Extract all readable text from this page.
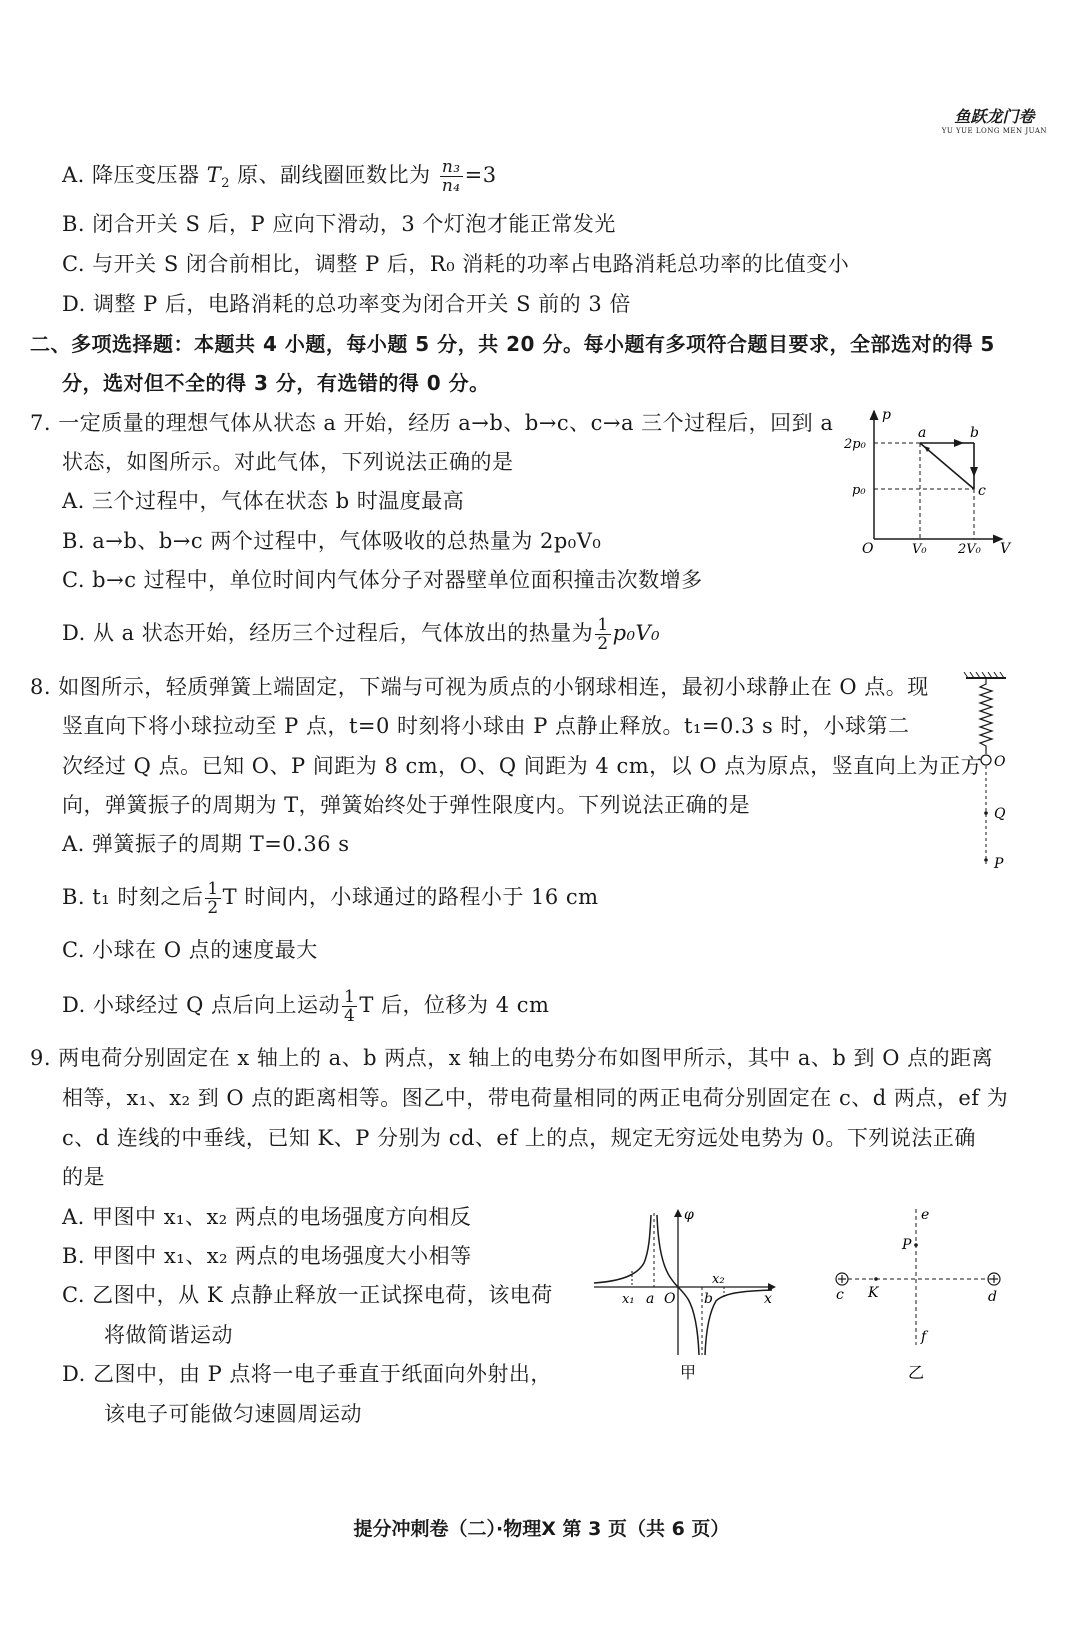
鱼跃龙门卷
YU YUE LONG MEN JUAN
A. 降压变压器 $T_2$ 原、副线圈匝数比为 $\frac{\text{n₃}}{\text{n₄}} =3$
B. 闭合开关 S 后，P 应向下滑动，3 个灯泡才能正常发光
C. 与开关 S 闭合前相比，调整 P 后，R₀ 消耗的功率占电路消耗总功率的比值变小
D. 调整 P 后，电路消耗的总功率变为闭合开关 S 前的 3 倍
二、多项选择题：本题共 4 小题，每小题 5 分，共 20 分。每小题有多项符合题目要求，全部选对的得 5
分，选对但不全的得 3 分，有选错的得 0 分。
7. 一定质量的理想气体从状态 a 开始，经历 a→b、b→c、c→a 三个过程后，回到 a
状态，如图所示。对此气体，下列说法正确的是
A. 三个过程中，气体在状态 b 时温度最高
B. a→b、b→c 两个过程中，气体吸收的总热量为 2p₀V₀
C. b→c 过程中，单位时间内气体分子对器壁单位面积撞击次数增多
D. 从 a 状态开始，经历三个过程后，气体放出的热量为 $\frac{1}{2} p_0V_0$
p
V
O
2p₀
p₀
V₀ 2V₀
a	b
c
8. 如图所示，轻质弹簧上端固定，下端与可视为质点的小钢球相连，最初小球静止在 O 点。现
竖直向下将小球拉动至 P 点，t=0 时刻将小球由 P 点静止释放。t₁=0.3 s 时，小球第二
次经过 Q 点。已知 O、P 间距为 8 cm，O、Q 间距为 4 cm，以 O 点为原点，竖直向上为正方
向，弹簧振子的周期为 T，弹簧始终处于弹性限度内。下列说法正确的是
A. 弹簧振子的周期 T=0.36 s
B. t₁ 时刻之后 $\frac{1}{2}$ T 时间内，小球通过的路程小于 16 cm
C. 小球在 O 点的速度最大
D. 小球经过 Q 点后向上运动 $\frac{1}{4}$ T 后，位移为 4 cm
O
Q
P
9. 两电荷分别固定在 x 轴上的 a、b 两点，x 轴上的电势分布如图甲所示，其中 a、b 到 O 点的距离
相等，x₁、x₂ 到 O 点的距离相等。图乙中，带电荷量相同的两正电荷分别固定在 c、d 两点，ef 为
c、d 连线的中垂线，已知 K、P 分别为 cd、ef 上的点，规定无穷远处电势为 0。下列说法正确
的是
A. 甲图中 x₁、x₂ 两点的电场强度方向相反
B. 甲图中 x₁、x₂ 两点的电场强度大小相等
C. 乙图中，从 K 点静止释放一正试探电荷，该电荷
将做简谐运动
D. 乙图中，由 P 点将一电子垂直于纸面向外射出，
该电子可能做匀速圆周运动
φ
x
O
a	b
x₁
x₂
甲
c	d
K
P
e
f
乙
提分冲刺卷（二）·物理X 第 3 页（共 6 页）
